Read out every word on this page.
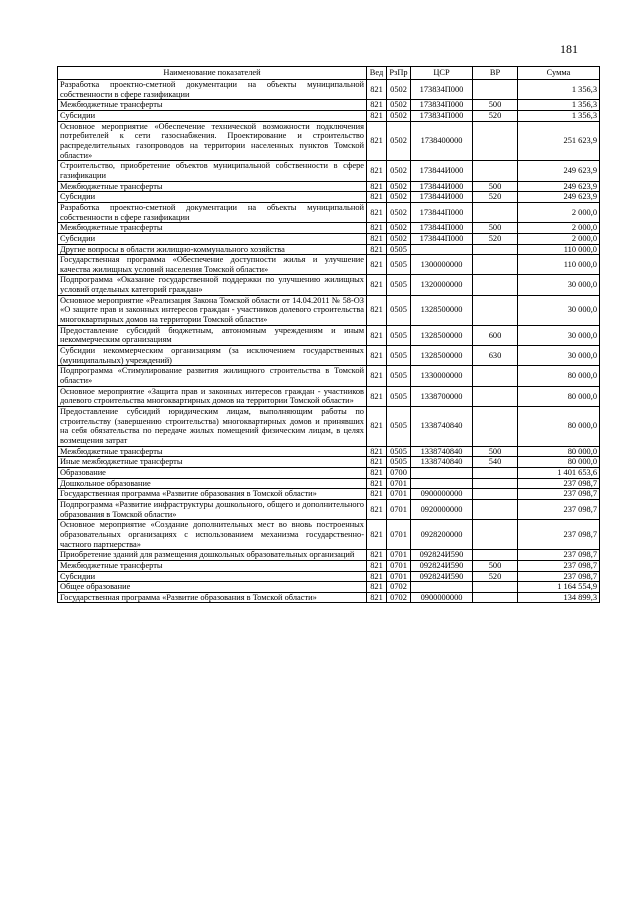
181
Наименование показателей	Вед	РзПр	ЦСР	ВР	Сумма
Разработка проектно-сметной документации на объекты муниципальной собственности в сфере газификации	821	0502	173834П000		1 356,3
Межбюджетные трансферты	821	0502	173834П000	500	1 356,3
Субсидии	821	0502	173834П000	520	1 356,3
Основное мероприятие «Обеспечение технической возможности подключения потребителей к сети газоснабжения. Проектирование и строительство распределительных газопроводов на территории населенных пунктов Томской области»	821	0502	1738400000		251 623,9
Строительство, приобретение объектов муниципальной собственности в сфере газификации	821	0502	173844И000		249 623,9
Межбюджетные трансферты	821	0502	173844И000	500	249 623,9
Субсидии	821	0502	173844И000	520	249 623,9
Разработка проектно-сметной документации на объекты муниципальной собственности в сфере газификации	821	0502	173844П000		2 000,0
Межбюджетные трансферты	821	0502	173844П000	500	2 000,0
Субсидии	821	0502	173844П000	520	2 000,0
Другие вопросы в области жилищно-коммунального хозяйства	821	0505			110 000,0
Государственная программа «Обеспечение доступности жилья и улучшение качества жилищных условий населения Томской области»	821	0505	1300000000		110 000,0
Подпрограмма «Оказание государственной поддержки по улучшению жилищных условий отдельных категорий граждан»	821	0505	1320000000		30 000,0
Основное мероприятие «Реализация Закона Томской области от 14.04.2011 № 58-ОЗ «О защите прав и законных интересов граждан - участников долевого строительства многоквартирных домов на территории Томской области»	821	0505	1328500000		30 000,0
Предоставление субсидий бюджетным, автономным учреждениям и иным некоммерческим организациям	821	0505	1328500000	600	30 000,0
Субсидии некоммерческим организациям (за исключением государственных (муниципальных) учреждений)	821	0505	1328500000	630	30 000,0
Подпрограмма «Стимулирование развития жилищного строительства в Томской области»	821	0505	1330000000		80 000,0
Основное мероприятие «Защита прав и законных интересов граждан - участников долевого строительства многоквартирных домов на территории Томской области»	821	0505	1338700000		80 000,0
Предоставление субсидий юридическим лицам, выполняющим работы по строительству (завершению строительства) многоквартирных домов и принявших на себя обязательства по передаче жилых помещений физическим лицам, в целях возмещения затрат	821	0505	1338740840		80 000,0
Межбюджетные трансферты	821	0505	1338740840	500	80 000,0
Иные межбюджетные трансферты	821	0505	1338740840	540	80 000,0
Образование	821	0700			1 401 653,6
Дошкольное образование	821	0701			237 098,7
Государственная программа «Развитие образования в Томской области»	821	0701	0900000000		237 098,7
Подпрограмма «Развитие инфраструктуры дошкольного, общего и дополнительного образования в Томской области»	821	0701	0920000000		237 098,7
Основное мероприятие «Создание дополнительных мест во вновь построенных образовательных организациях с использованием механизма государственно-частного партнерства»	821	0701	0928200000		237 098,7
Приобретение зданий для размещения дошкольных образовательных организаций	821	0701	092824И590		237 098,7
Межбюджетные трансферты	821	0701	092824И590	500	237 098,7
Субсидии	821	0701	092824И590	520	237 098,7
Общее образование	821	0702			1 164 554,9
Государственная программа «Развитие образования в Томской области»	821	0702	0900000000		134 899,3
